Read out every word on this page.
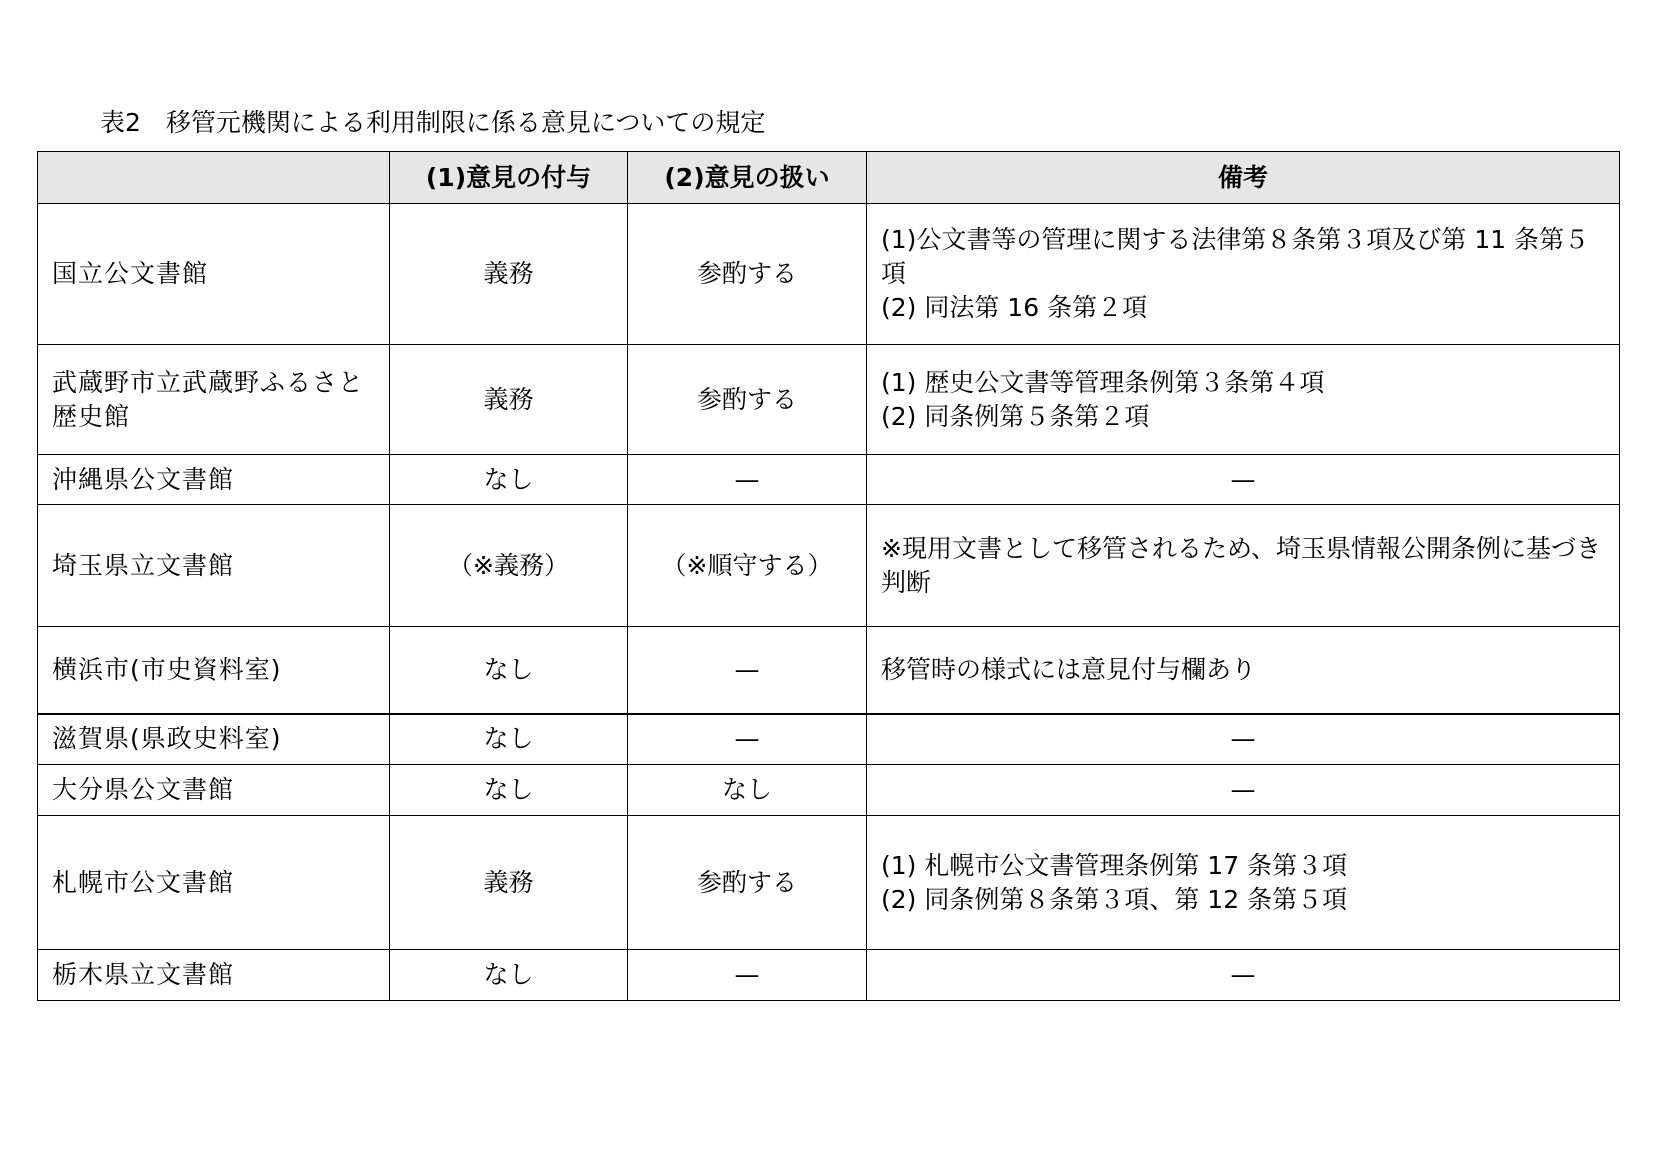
表2　移管元機関による利用制限に係る意見についての規定
	(1)意見の付与	(2)意見の扱い	備考
国立公文書館	義務	参酌する	(1)公文書等の管理に関する法律第８条第３項及び第 11 条第５項
(2) 同法第 16 条第２項

武蔵野市立武蔵野ふるさと歴史館	義務	参酌する	(1) 歴史公文書等管理条例第３条第４項
(2) 同条例第５条第２項

沖縄県公文書館	なし	—	—

埼玉県立文書館	（※義務）	（※順守する）	※現用文書として移管されるため、埼玉県情報公開条例に基づき判断

横浜市(市史資料室)	なし	—	移管時の様式には意見付与欄あり

滋賀県(県政史料室)	なし	—	—

大分県公文書館	なし	なし	—

札幌市公文書館	義務	参酌する	(1) 札幌市公文書管理条例第 17 条第３項
(2) 同条例第８条第３項、第 12 条第５項

栃木県立文書館	なし	—	—
